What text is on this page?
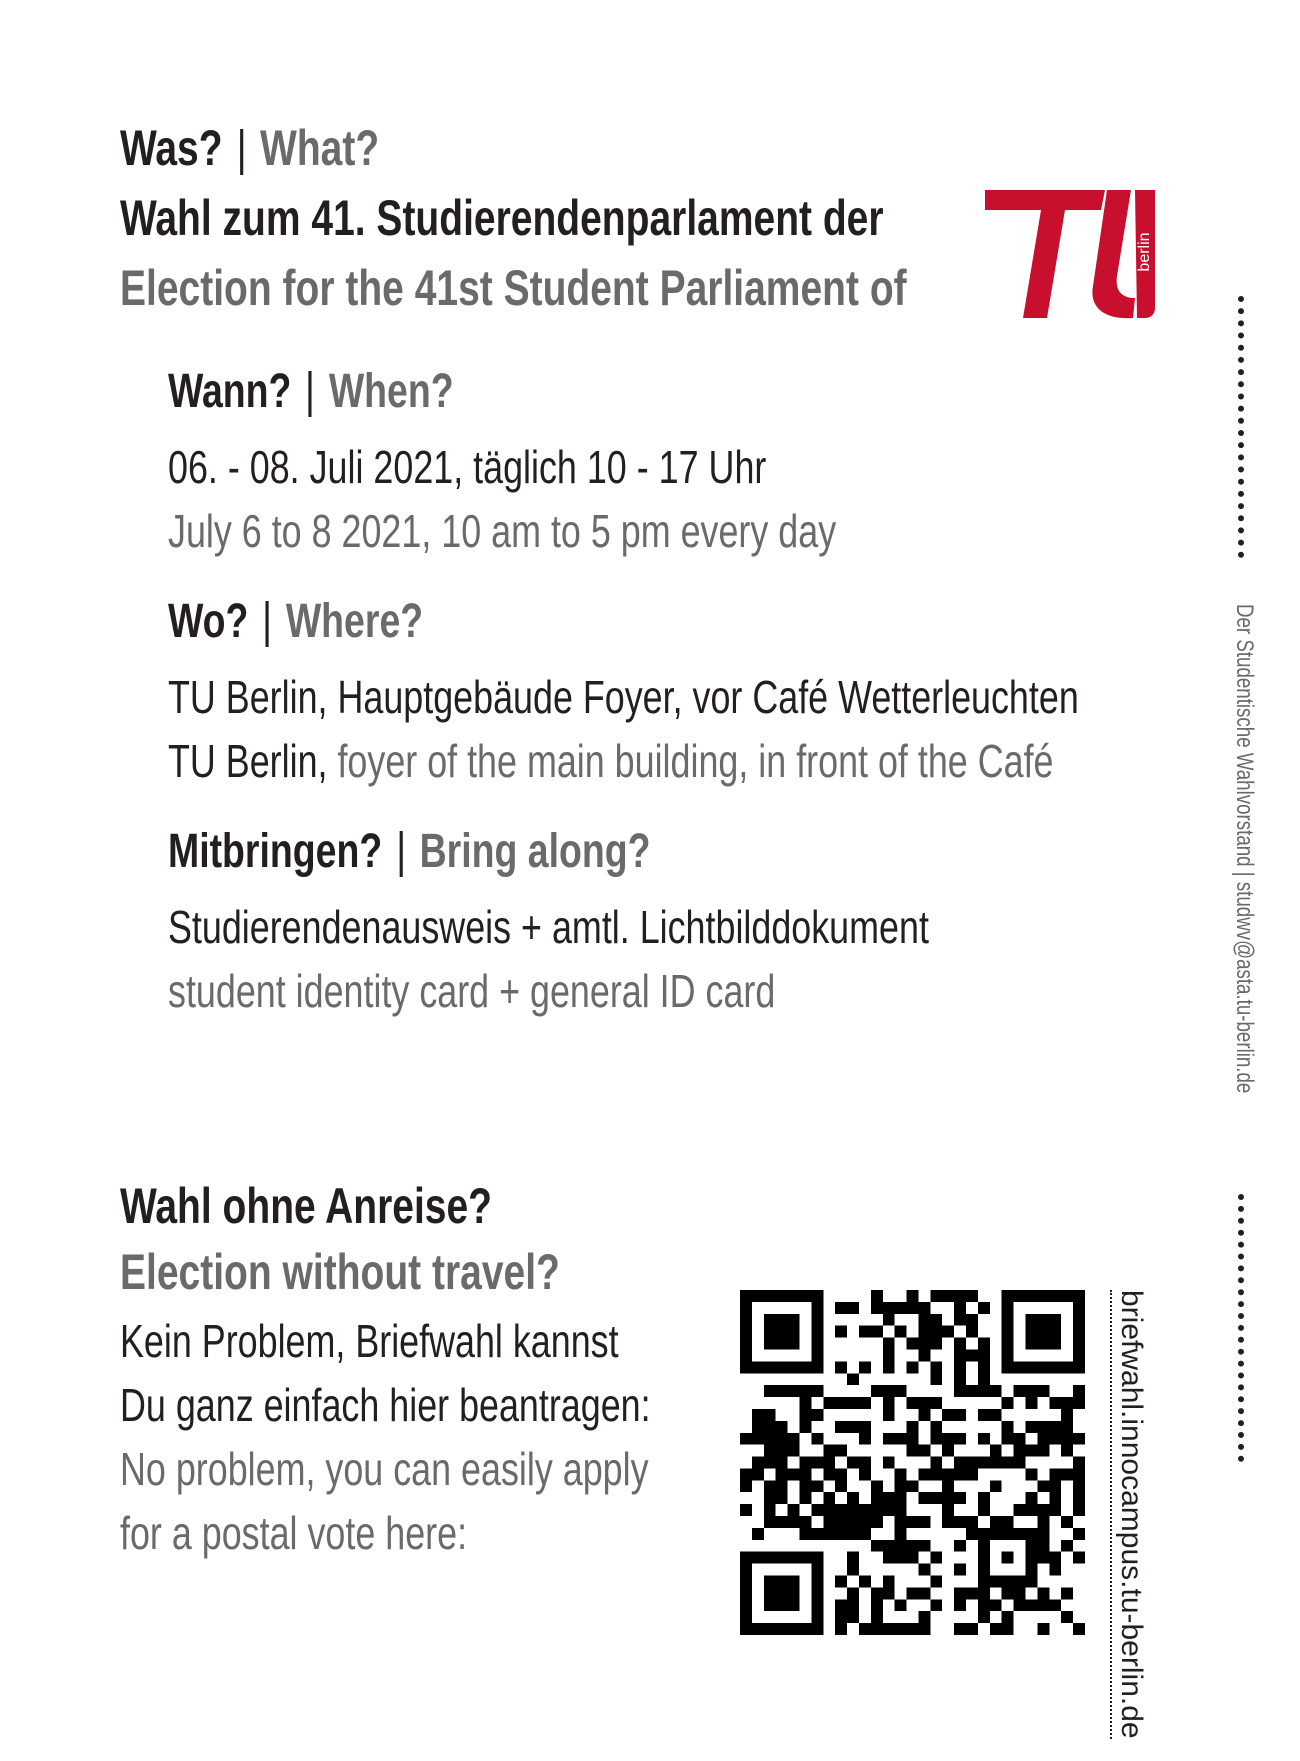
Was? What?
Wahl zum 41. Studierendenparlament der
Election for the 41st Student Parliament of
berlin
Wann? When?
06. - 08. Juli 2021, täglich 10 - 17 Uhr
July 6 to 8 2021, 10 am to 5 pm every day
Wo? Where?
TU Berlin, Hauptgebäude Foyer, vor Café Wetterleuchten
TU Berlin, foyer of the main building, in front of the Café
Mitbringen? Bring along?
Studierendenausweis + amtl. Lichtbilddokument
student identity card + general ID card
Wahl ohne Anreise?
Election without travel?
Kein Problem, Briefwahl kannst
Du ganz einfach hier beantragen:
No problem, you can easily apply
for a postal vote here:	briefwahl.innocampus.tu-berlin.de
Der Studentische Wahlvorstand | studwv@asta.tu-berlin.de
